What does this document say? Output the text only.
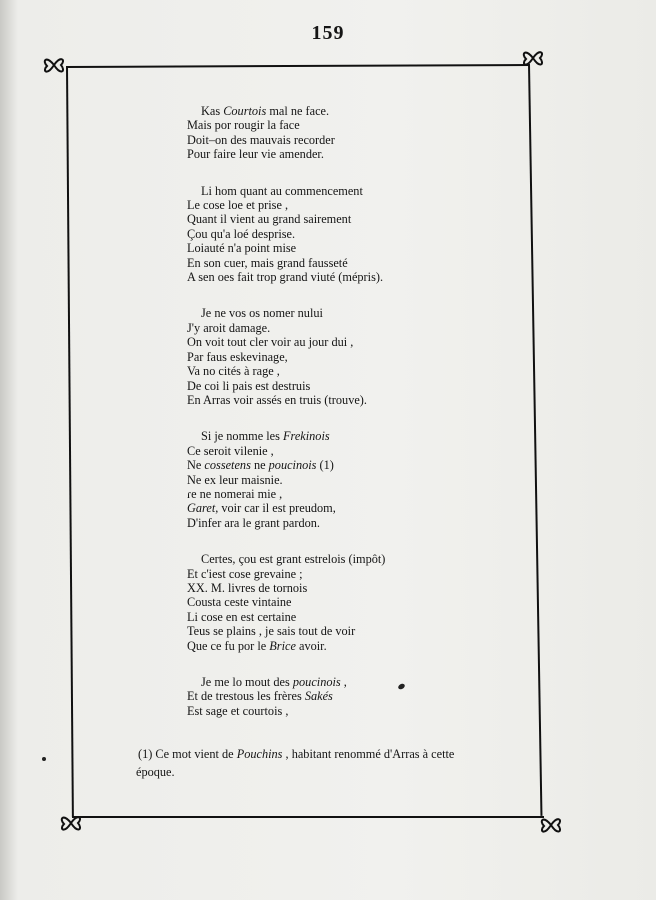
159
Kas Courtois mal ne face.
Mais por rougir la face
Doit–on des mauvais recorder
Pour faire leur vie amender.
Li hom quant au commencement
Le cose loe et prise ,
Quant il vient au grand sairement
Çou qu'a loé desprise.
Loiauté n'a point mise
En son cuer, mais grand fausseté
A sen oes fait trop grand viuté (mépris).
Je ne vos os nomer nului
J'y aroit damage.
On voit tout cler voir au jour dui ,
Par faus eskevinage,
Va no cités à rage ,
De coi li pais est destruis
En Arras voir assés en truis (trouve).
Si je nomme les Frekinois
Ce seroit vilenie ,
Ne cossetens ne poucinois (1)
Ne ex leur maisnie.
ɾe ne nomerai mie ,
Garet, voir car il est preudom,
D'infer ara le grant pardon.
Certes, çou est grant estrelois (impôt)
Et c'iest cose grevaine ;
XX. M. livres de tornois
Cousta ceste vintaine
Li cose en est certaine
Teus se plains , je sais tout de voir
Que ce fu por le Brice avoir.
Je me lo mout des poucinois ,
Et de trestous les frères Sakés
Est sage et courtois ,
(1) Ce mot vient de Pouchins , habitant renommé d'Arras à cette
époque.
